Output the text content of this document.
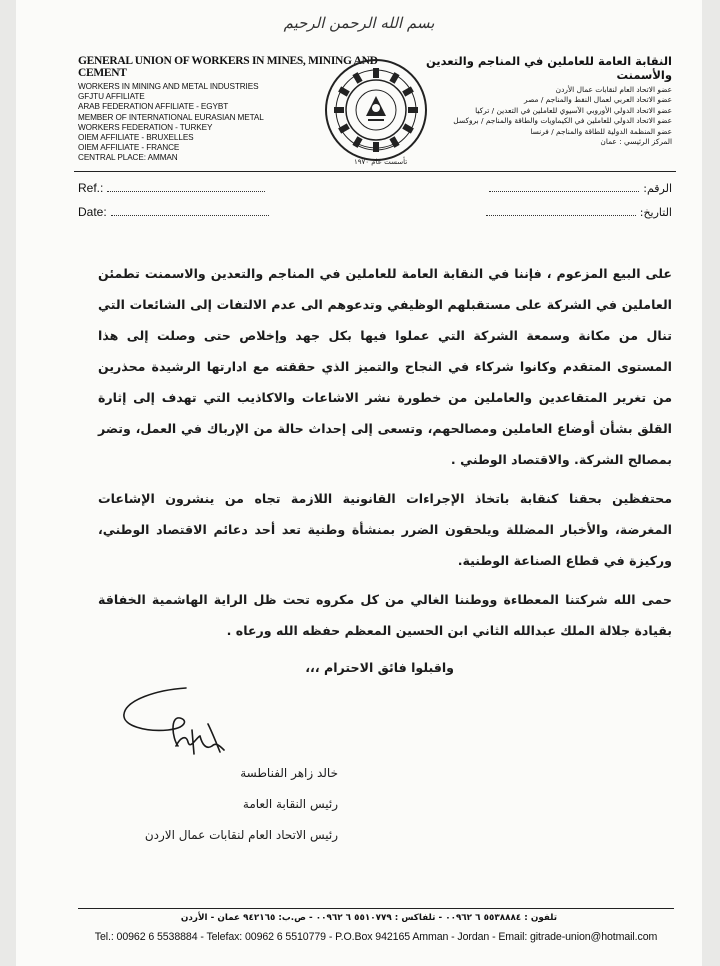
بسم الله الرحمن الرحيم
GENERAL UNION OF WORKERS IN MINES, MINING AND CEMENT
WORKERS IN MINING AND METAL INDUSTRIES
GFJTU AFFILIATE
ARAB FEDERATION AFFILIATE - EGYBT
MEMBER OF INTERNATIONAL EURASIAN METAL
WORKERS FEDERATION - TURKEY
OIEM AFFILIATE - BRUXELLES
OIEM AFFILIATE - FRANCE
CENTRAL PLACE: AMMAN	تأسست عام ١٩٧٠
النقابة العامة للعاملين في المناجم والتعدين والأسمنت
عضو الاتحاد العام لنقابات عمال الأردن
عضو الاتحاد العربي لعمال النفط والمناجم / مصر
عضو الاتحاد الدولي الأوروبي الآسيوي للعاملين في التعدين / تركيا
عضو الاتحاد الدولي للعاملين في الكيماويات والطاقة والمناجم / بروكسل
عضو المنظمة الدولية للطاقة والمناجم / فرنسا
المركز الرئيسي : عمان
Ref.:	الرقم:
Date:	التاريخ:

على البيع المزعوم ، فإننا في النقابة العامة للعاملين في المناجم والتعدين والاسمنت تطمئن العاملين في الشركة على مستقبلهم الوظيفي وتدعوهم الى عدم الالتفات إلى الشائعات التي تنال من مكانة وسمعة الشركة التي عملوا فيها بكل جهد وإخلاص حتى وصلت إلى هذا المستوى المتقدم وكانوا شركاء في النجاح والتميز الذي حققته مع ادارتها الرشيدة محذرين من تغرير المتقاعدين والعاملين من خطورة نشر الاشاعات والاكاذيب التي تهدف إلى إثارة القلق بشأن أوضاع العاملين ومصالحهم، وتسعى إلى إحداث حالة من الإرباك في العمل، وتضر بمصالح الشركة. والاقتصاد الوطني .

محتفظين بحقنا كنقابة باتخاذ الإجراءات القانونية اللازمة تجاه من ينشرون الإشاعات المغرضة، والأخبار المضللة ويلحقون الضرر بمنشأة وطنية تعد أحد دعائم الاقتصاد الوطني، وركيزة في قطاع الصناعة الوطنية.

حمى الله شركتنا المعطاءة ووطننا الغالي من كل مكروه تحت ظل الراية الهاشمية الخفاقة بقيادة جلالة الملك عبدالله الثاني ابن الحسين المعظم حفظه الله ورعاه .

واقبلوا فائق الاحترام ،،،
خالد زاهر الفناطسة
رئيس النقابة العامة
رئيس الاتحاد العام لنقابات عمال الاردن
تلفون : ٥٥٣٨٨٨٤ ٦ ٠٠٩٦٢ - تلفاكس : ٥٥١٠٧٧٩ ٦ ٠٠٩٦٢ - ص.ب: ٩٤٢١٦٥ عمان - الأردن
Tel.: 00962 6 5538884 - Telefax: 00962 6 5510779 - P.O.Box 942165 Amman - Jordan - Email: gitrade-union@hotmail.com
